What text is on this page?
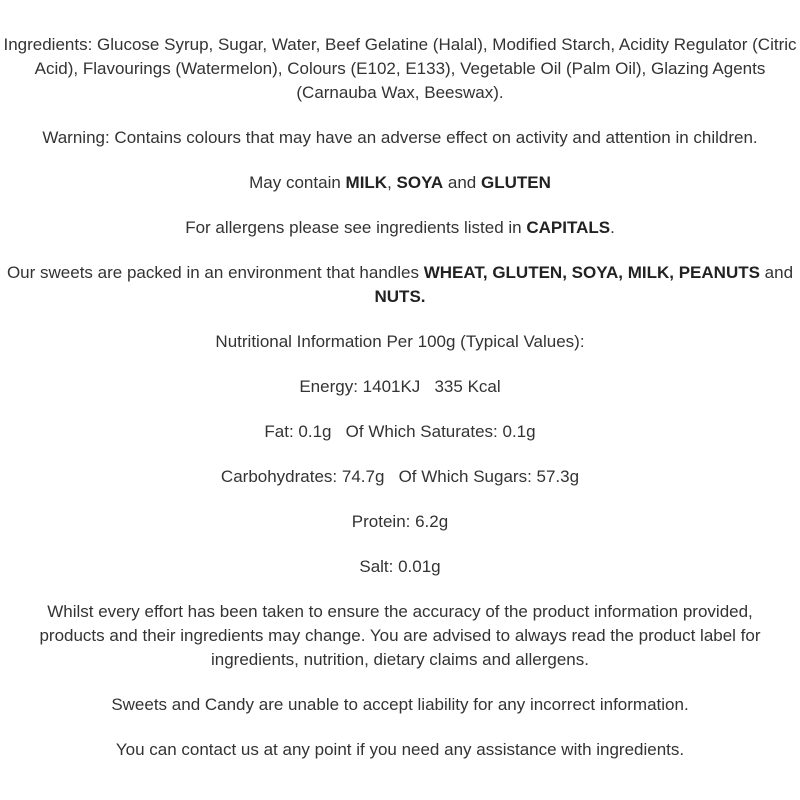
Ingredients: Glucose Syrup, Sugar, Water, Beef Gelatine (Halal), Modified Starch, Acidity Regulator (Citric Acid), Flavourings (Watermelon), Colours (E102, E133), Vegetable Oil (Palm Oil), Glazing Agents (Carnauba Wax, Beeswax).

Warning: Contains colours that may have an adverse effect on activity and attention in children.

May contain MILK, SOYA and GLUTEN

For allergens please see ingredients listed in CAPITALS.

Our sweets are packed in an environment that handles WHEAT, GLUTEN, SOYA, MILK, PEANUTS and NUTS.

Nutritional Information Per 100g (Typical Values):

Energy: 1401KJ   335 Kcal

Fat: 0.1g   Of Which Saturates: 0.1g

Carbohydrates: 74.7g   Of Which Sugars: 57.3g

Protein: 6.2g

Salt: 0.01g

Whilst every effort has been taken to ensure the accuracy of the product information provided, products and their ingredients may change. You are advised to always read the product label for ingredients, nutrition, dietary claims and allergens.

Sweets and Candy are unable to accept liability for any incorrect information.

You can contact us at any point if you need any assistance with ingredients.
